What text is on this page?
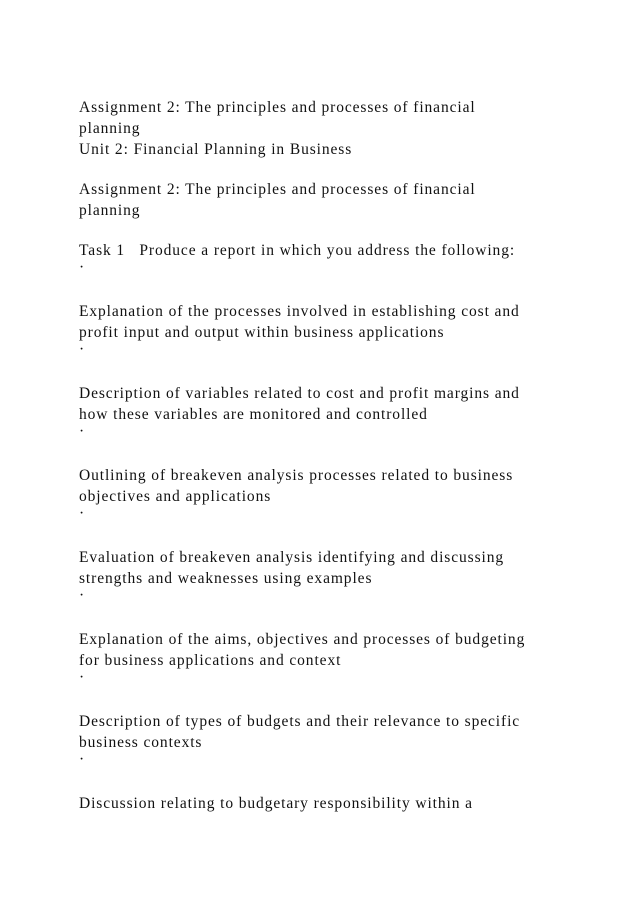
Assignment 2: The principles and processes of financial
planning
Unit 2: Financial Planning in Business
Assignment 2: The principles and processes of financial
planning
Task 1   Produce a report in which you address the following:
·
Explanation of the processes involved in establishing cost and
profit input and output within business applications
·
Description of variables related to cost and profit margins and
how these variables are monitored and controlled
·
Outlining of breakeven analysis processes related to business
objectives and applications
·
Evaluation of breakeven analysis identifying and discussing
strengths and weaknesses using examples
·
Explanation of the aims, objectives and processes of budgeting
for business applications and context
·
Description of types of budgets and their relevance to specific
business contexts
·
Discussion relating to budgetary responsibility within a
